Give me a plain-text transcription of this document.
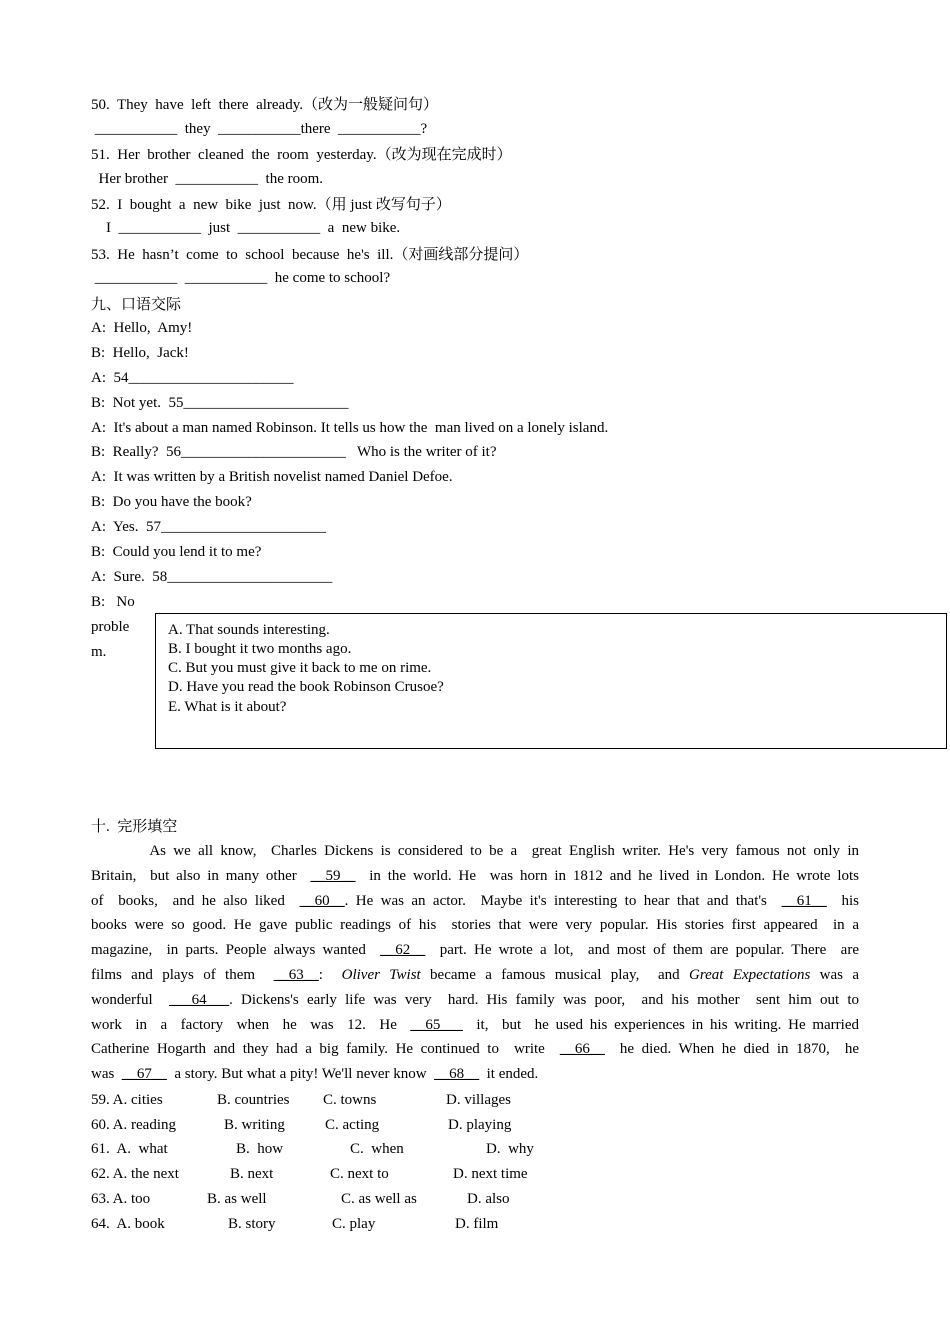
50.  They  have  left  there  already.（改为一般疑问句）
___________  they  ___________there  ___________?
51.  Her  brother  cleaned  the  room  yesterday.（改为现在完成时）
Her brother  ___________  the room.
52.  I  bought  a  new  bike  just  now.（用 just 改写句子）
I  ___________  just  ___________  a  new bike.
53.  He  hasn’t  come  to  school  because  he's  ill.（对画线部分提问）
___________  ___________  he come to school?
九、口语交际
A:  Hello,  Amy!
B:  Hello,  Jack!
A:  54______________________
B:  Not yet.  55______________________
A:  It's about a man named Robinson. It tells us how the  man lived on a lonely island.
B:  Really?  56______________________   Who is the writer of it?
A:  It was written by a British novelist named Daniel Defoe.
B:  Do you have the book?
A:  Yes.  57______________________
B:  Could you lend it to me?
A:  Sure.  58______________________
B:   No
proble
m.
A. That sounds interesting.
B. I bought it two months ago.
C. But you must give it back to me on rime.
D. Have you read the book Robinson Crusoe?
E. What is it about?
十.  完形填空
As we all know,  Charles Dickens is considered to be a  great English writer. He's very famous not only in
Britain,  but also in many other  __59__  in the world. He  was horn in 1812 and he lived in London. He wrote lots
of  books,  and he also liked  __60__. He was an actor.  Maybe it's interesting to hear that and that's  __61__  his
books were so good. He gave public readings of his  stories that were very popular. His stories first appeared  in a
magazine,  in parts. People always wanted  __62__  part. He wrote a lot,  and most of them are popular. There  are
films and plays of them  __63__:  Oliver Twist became a famous musical play,  and Great Expectations was a
wonderful  ___64___. Dickens's early life was very  hard. His family was poor,  and his mother  sent him out to
work  in  a  factory  when  he  was  12.  He  __65___  it,  but  he used his experiences in his writing. He married
Catherine Hogarth and they had a big family. He continued to  write  __66__  he died. When he died in 1870,  he
was  __67__  a story. But what a pity! We'll never know  __68__  it ended.
59. A. cities	B. countries C. towns	D. villages
60. A. reading	B. writing	C. acting	D. playing
61.  A.  what	B.  how	C.  when	D.  why
62. A. the next	B. next	C. next to	D. next time
63. A. too	B. as well	C. as well as	D. also
64.  A. book	B. story	C. play	D. film
